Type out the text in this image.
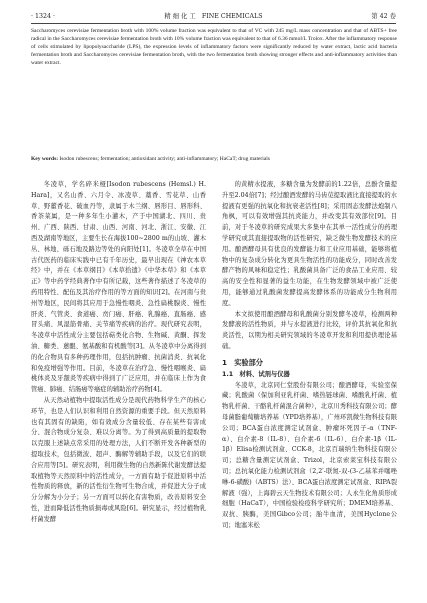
· 1324 ·	精 细 化 工　FINE CHEMICALS	第 42 卷
Saccharomyces cerevisiae fermentation broth with 100% volume fraction was equivalent to that of VC with 245 mg/L mass concentration and that of ABTS+ free radical in the Saccharomyces cerevisiae fermentation broth with 10% volume fraction was equivalent to that of 6.36 mmol/L Trolox. After the inflammatory response of cells stimulated by lipopolysaccharide (LPS), the expression levels of inflammatory factors were significantly reduced by water extract, lactic acid bacteria fermentation broth and Saccharomyces cerevisiae fermentation broth, with the two fermentation broth showing stronger effects and anti-inflammatory activities than water extract.
Key words: Isodon rubescens; fermentation; antioxidant activity; anti-inflammatory; HaCaT; drug materials

冬凌草，学名碎米桠[Isodon rubescens (Hemsl.) H. Hara]，又名山香、六月令、冰凌草、藁香、雪花草、山香草、野藿香花、破血丹等，隶属于木兰纲、唇形目、唇形科、香茶菜属，是一种多年生小灌木，产于中国湖北、四川、贵州、广西、陕西、甘肃、山西、河南、河北、浙江、安徽、江西及湖南等地区，主要生长在海拔100~2800 m的山坡、灌木丛、林地、砾石地及路边等处的向阳处[1]。冬凌草全草在中国古代医药的临床实践中已有千年历史，最早出现在《神农本草经》中，并在《本草纲目》《本草拾遗》《中华本草》和《本草正》等中药学经典著作中有所记载，这些著作描述了冬凌草的药用特性、配伍及其治疗作用的等方面的知识[2]。在河南与贵州等地区，民间将其应用于急慢性咽炎、急性扁桃腺炎、慢性肝炎、气管炎、食道癌、贲门癌、肝癌、乳腺癌、直肠癌、感冒头痛、风湿筋骨痛、关节痛等疾病的治疗。现代研究表明，冬凌草中活性成分主要包括萜类化合物、生物碱、黄酮、挥发油、糖类、蒽醌、氨基酸和有机酸等[3]。从冬凌草中分离得到的化合物具有多种药理作用，包括抗肿瘤、抗菌消炎、抗氧化和免疫增强等作用。目前，冬凌草在治疗急、慢性咽喉炎、扁桃体炎及牙龈炎等疾病中得到了广泛应用，并在临床上作为食管癌、肺癌、结肠癌等癌症的辅助治疗药物[4]。

从天然动植物中提取活性成分是现代药物科学生产的核心环节，也是人们认识和利用自然资源的重要手段。但天然原料也有其固有的缺陷，如有效成分含量较低、存在某些有害成分、混合物成分复杂、难以分离等。为了得到高质量的提取物以克服上述缺点常采用的处理方法，人们不断开发各种新型的提取技术，包括微波、超声、酶解等辅助手段，以及它们的联合应用等[5]。研究表明，利用微生物的自然新陈代谢发酵法提取植物等天然原料中的活性成分，一方面有助于促进原料中活性物质的释放，新的活性衍生物可生物合成，并促进大分子成分分解为小分子；另一方面可以转化有害物质，改善原料安全性，进而降低活性物质损毒或风险[6]。研究显示，经过植物乳杆菌发酵

的黄精水提液，多糖含量为发酵前的1.22倍，总酚含量提升至2.04倍[7]；经过酿酒发酵的马齿苋提取液比直接提取的水提液有更强的抗氧化和抗衰老活性[8]；采用固态发酵法炮制八角枫，可以有效增强其抗炎能力，并改变其有效部位[9]。目前，对于冬凌草的研究成果大多集中在其单一活性成分的药理学研究或其直接提取物的活性研究，缺乏微生物发酵技术的应用。酿酒酵母具有优良的发酵能力和工业应用基础，能够将植物中的复杂成分转化为更具生物活性的功能成分，同时改善发酵产物的风味和稳定性；乳酸菌具备广泛的食品工业应用、较高的安全性和显著的益生功能，在生物发酵领域中被广泛使用，能够通过乳酸菌发酵提高发酵体系的功能成分生物利用度。

本文拟使用酿酒酵母和乳酸菌分别发酵冬凌草，检测两种发酵液的活性物质，并与水提液进行比较，评价其抗氧化和抗炎活性，以期为相关研究领域的冬凌草开发和利用提供理论基础。

1　实验部分
1.1　材料、试剂与仪器

冬凌草，北京同仁堂股份有限公司；酿酒酵母，实验室保藏；乳酸菌（保加利亚乳杆菌、嗜热链球菌、嗜酸乳杆菌、植物乳杆菌、干酪乳杆菌混合菌种），北京川秀科技有限公司；酵母菌脂葡萄糖培养基（YPD培养基），广州环凯微生物科技有限公司；BCA蛋白浓度测定试剂盒、肿瘤坏死因子-α（TNF-α）、白介素-8（IL-8）、白介素-6（IL-6）、白介素-1β（IL-1β）Elisa检测试剂盒、CCK-8，北京百瑞纳生物科技有限公司；总糖含量测定试剂盒、Trizol，北京索莱宝科技有限公司；总抗氧化能力检测试剂盒（2,2′-联氮-双-(3-乙基苯并噻唑啉-6-磺酸)（ABTS）法）、BCA蛋白浓度测定试剂盒、RIPA裂解液（强），上海碧云天生物技术有限公司；人永生化角质形成细胞（HaCaT），中国检验检疫科学研究所；DMEM培养基、双抗、胰酶，美国Gibco公司；胎牛血清，美国Hyclone公司；地塞米松
